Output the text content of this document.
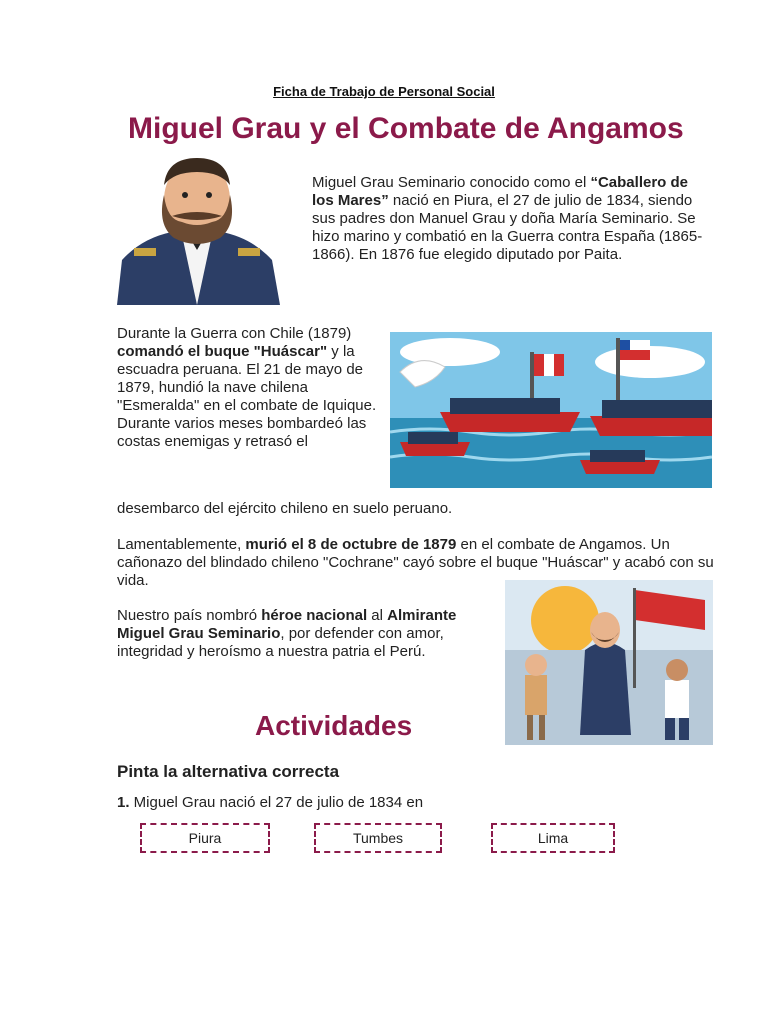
Ficha de Trabajo de Personal Social
Miguel Grau y el Combate de Angamos
Miguel Grau Seminario conocido como el “Caballero de los Mares” nació en Piura, el 27 de julio de 1834, siendo sus padres don Manuel Grau y doña María Seminario. Se hizo marino y combatió en la Guerra contra España (1865-1866). En 1876 fue elegido diputado por Paita.
Durante la Guerra con Chile (1879) comandó el buque "Huáscar" y la escuadra peruana. El 21 de mayo de 1879, hundió la nave chilena "Esmeralda" en el combate de Iquique. Durante varios meses bombardeó las costas enemigas y retrasó el
desembarco del ejército chileno en suelo peruano.
Lamentablemente, murió el 8 de octubre de 1879 en el combate de Angamos. Un cañonazo del blindado chileno "Cochrane" cayó sobre el buque "Huáscar" y acabó con su vida.
Nuestro país nombró héroe nacional al Almirante Miguel Grau Seminario, por defender con amor, integridad y heroísmo a nuestra patria el Perú.
Actividades
Pinta la alternativa correcta
1. Miguel Grau nació el 27 de julio de 1834 en
Piura	Tumbes	Lima
